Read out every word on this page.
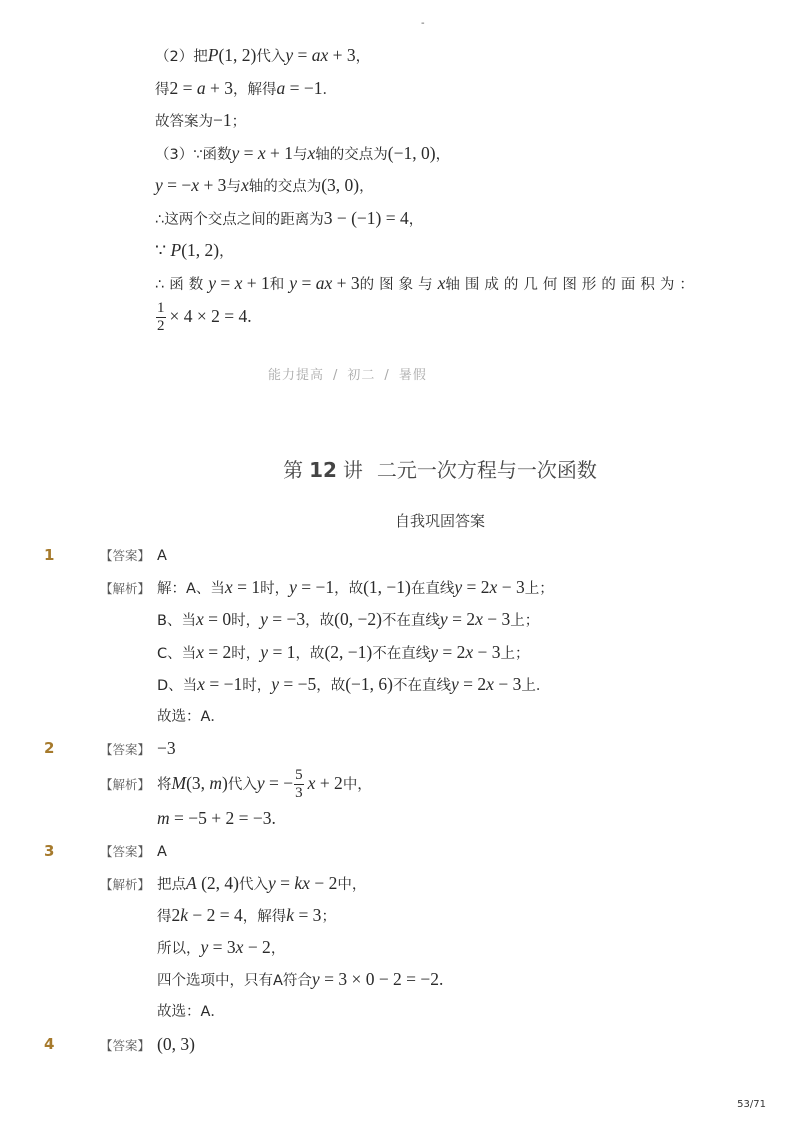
-
（2）把P(1, 2)代入y = ax + 3，
得2 = a + 3，解得a = −1．
故答案为−1；
（3）∵函数y = x + 1与x轴的交点为(−1, 0)，
y = −x + 3与x轴的交点为(3, 0)，
∴这两个交点之间的距离为3 − (−1) = 4，
∵ P(1, 2)，
∴函数y = x + 1和y = ax + 3的图象与x轴围成的几何图形的面积为：
$\frac{1}{2} \times 4 \times 2 = 4$.
能力提高 / 初二 / 暑假
第 12 讲 二元一次方程与一次函数
自我巩固答案
1	【答案】 A
【解析】 解：A、当x = 1时，y = −1，故(1, −1)在直线y = 2x − 3上；
B、当x = 0时，y = −3，故(0, −2)不在直线y = 2x − 3上；
C、当x = 2时，y = 1，故(2, −1)不在直线y = 2x − 3上；
D、当x = −1时，y = −5，故(−1, 6)不在直线y = 2x − 3上．
故选：A．
2	【答案】 −3
【解析】 将M(3, m)代入y = − $\frac{5}{3}$ x + 2中，
m = −5 + 2 = −3.
3	【答案】 A
【解析】 把点A (2, 4)代入y = kx − 2中，
得2k − 2 = 4，解得k = 3；
所以，y = 3x − 2，
四个选项中，只有A符合y = 3 × 0 − 2 = −2.
故选：A．
4	【答案】 (0, 3)
53/71
